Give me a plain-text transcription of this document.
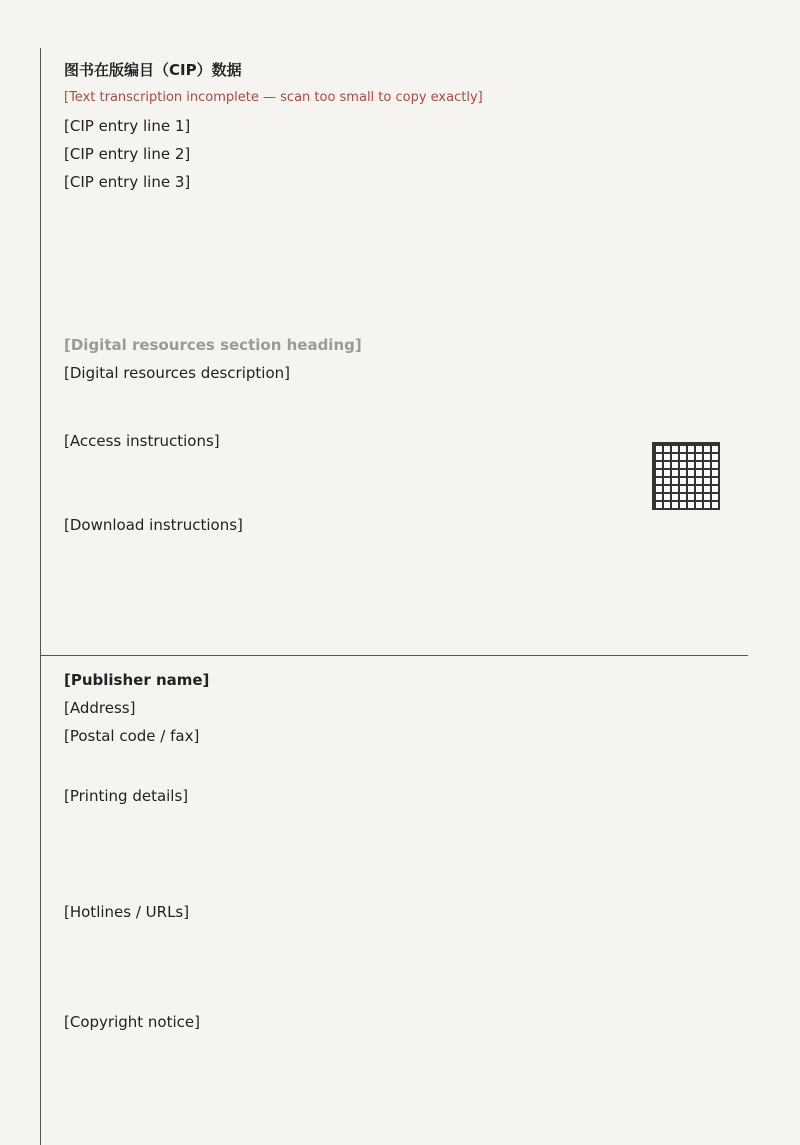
图书在版编目（CIP）数据
[Text transcription incomplete — scan too small to copy exactly]
[CIP entry line 1]
[CIP entry line 2]
[CIP entry line 3]
[Digital resources section heading]
[Digital resources description]
[Access instructions]
[Download instructions]
[Publisher name]
[Address]
[Postal code / fax]
[Printing details]
[Hotlines / URLs]
[Copyright notice]
